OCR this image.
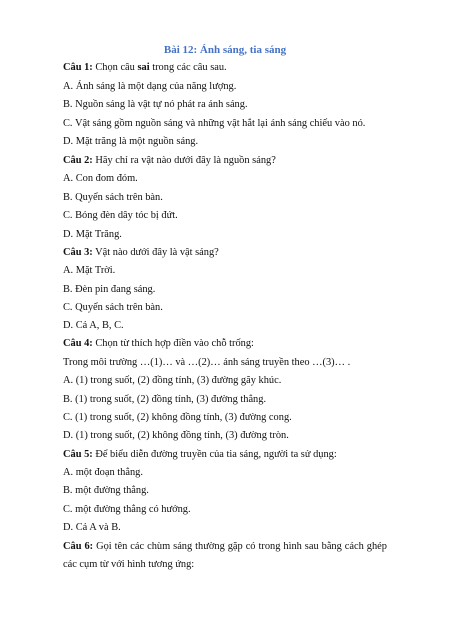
Bài 12: Ánh sáng, tia sáng
Câu 1: Chọn câu sai trong các câu sau.
A. Ánh sáng là một dạng của năng lượng.
B. Nguồn sáng là vật tự nó phát ra ánh sáng.
C. Vật sáng gồm nguồn sáng và những vật hắt lại ánh sáng chiếu vào nó.
D. Mặt trăng là một nguồn sáng.
Câu 2: Hãy chỉ ra vật nào dưới đây là nguồn sáng?
A. Con đom đóm.
B. Quyển sách trên bàn.
C. Bóng đèn dây tóc bị đứt.
D. Mặt Trăng.
Câu 3: Vật nào dưới đây là vật sáng?
A. Mặt Trời.
B. Đèn pin đang sáng.
C. Quyển sách trên bàn.
D. Cả A, B, C.
Câu 4: Chọn từ thích hợp điền vào chỗ trống:
Trong môi trường …(1)… và …(2)… ánh sáng truyền theo …(3)… .
A. (1) trong suốt, (2) đồng tính, (3) đường gãy khúc.
B. (1) trong suốt, (2) đồng tính, (3) đường thẳng.
C. (1) trong suốt, (2) không đồng tính, (3) đường cong.
D. (1) trong suốt, (2) không đồng tính, (3) đường tròn.
Câu 5: Để biểu diễn đường truyền của tia sáng, người ta sử dụng:
A. một đoạn thẳng.
B. một đường thẳng.
C. một đường thẳng có hướng.
D. Cả A và B.
Câu 6: Gọi tên các chùm sáng thường gặp có trong hình sau bằng cách ghép
các cụm từ với hình tương ứng:
